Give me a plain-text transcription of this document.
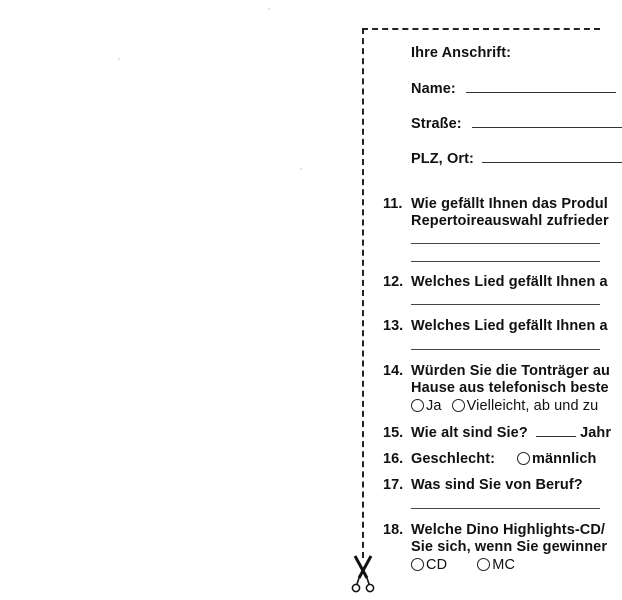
Ihre Anschrift:
Name:
Straße:
PLZ, Ort:
11. Wie gefällt Ihnen das Produl
Repertoireauswahl zufrieder
12. Welches Lied gefällt Ihnen a
13. Welches Lied gefällt Ihnen a
14. Würden Sie die Tonträger au
Hause aus telefonisch beste
Ja Vielleicht, ab und zu
15. Wie alt sind Sie?	Jahr
16. Geschlecht:	männlich
17. Was sind Sie von Beruf?
18. Welche Dino Highlights-CD/
Sie sich, wenn Sie gewinner
CD	MC
